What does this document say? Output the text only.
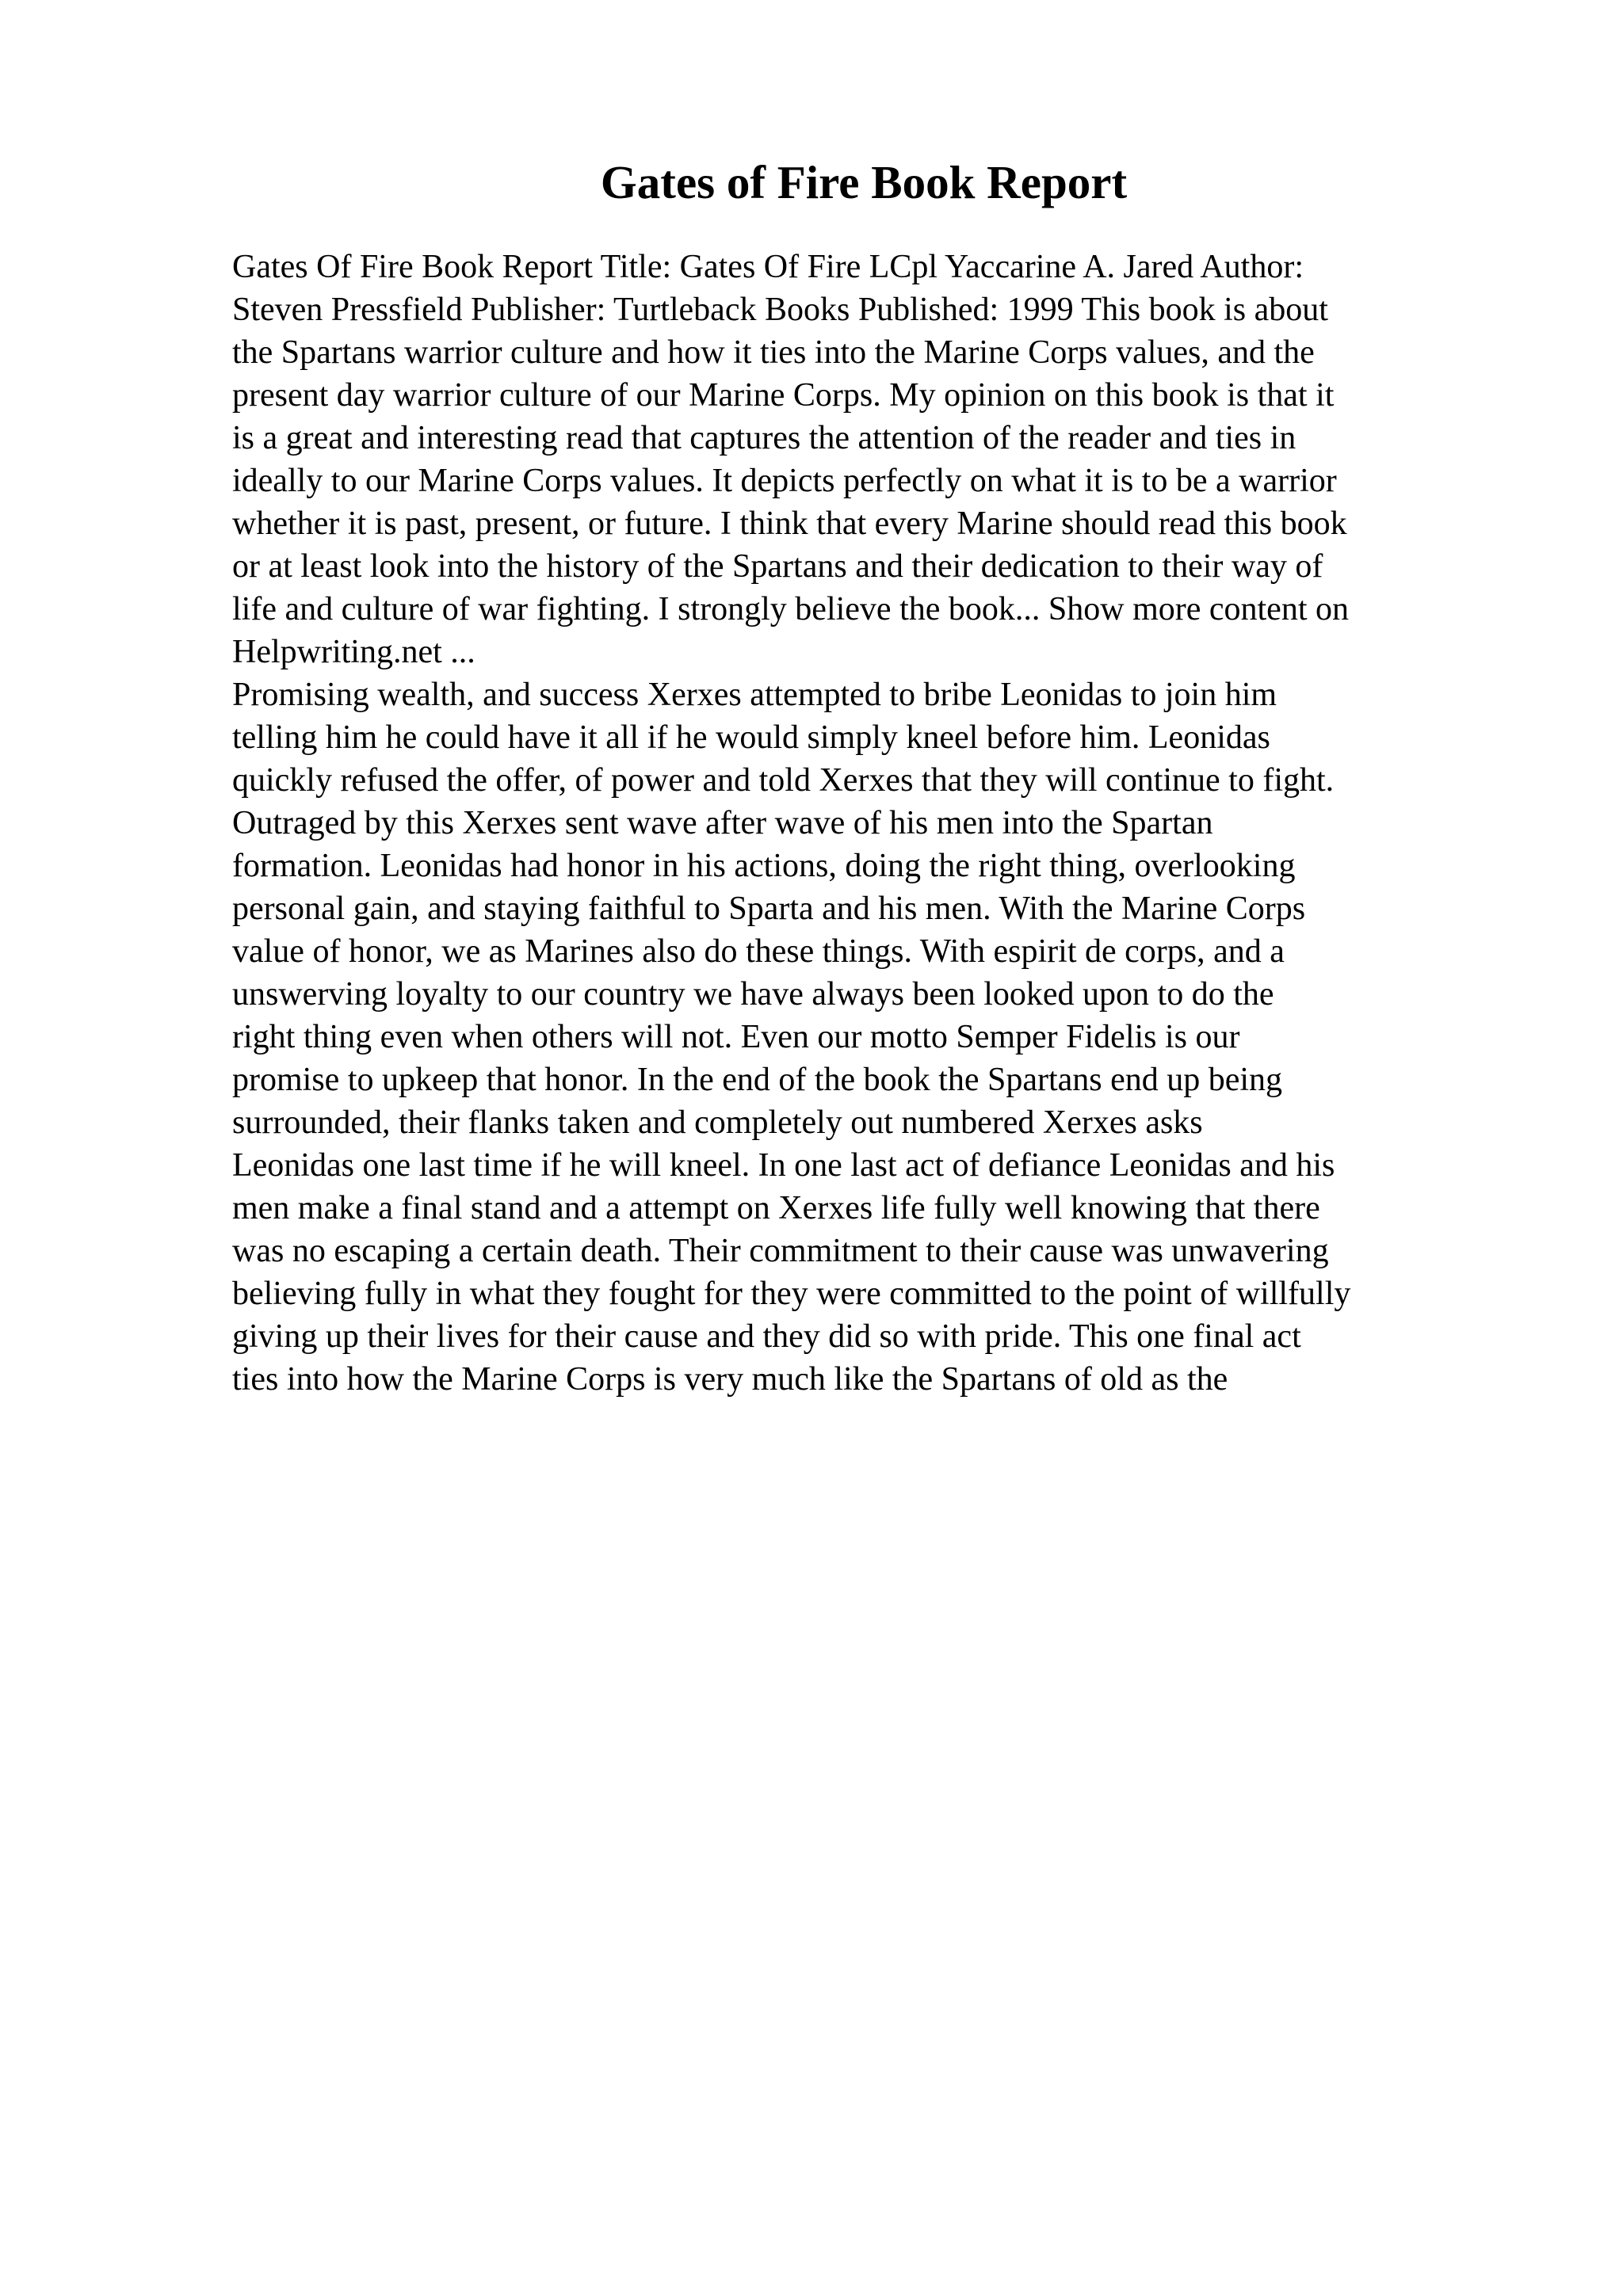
Gates of Fire Book Report
Gates Of Fire Book Report Title: Gates Of Fire LCpl Yaccarine A. Jared Author:
Steven Pressfield Publisher: Turtleback Books Published: 1999 This book is about
the Spartans warrior culture and how it ties into the Marine Corps values, and the
present day warrior culture of our Marine Corps. My opinion on this book is that it
is a great and interesting read that captures the attention of the reader and ties in
ideally to our Marine Corps values. It depicts perfectly on what it is to be a warrior
whether it is past, present, or future. I think that every Marine should read this book
or at least look into the history of the Spartans and their dedication to their way of
life and culture of war fighting. I strongly believe the book... Show more content on
Helpwriting.net ...
Promising wealth, and success Xerxes attempted to bribe Leonidas to join him
telling him he could have it all if he would simply kneel before him. Leonidas
quickly refused the offer, of power and told Xerxes that they will continue to fight.
Outraged by this Xerxes sent wave after wave of his men into the Spartan
formation. Leonidas had honor in his actions, doing the right thing, overlooking
personal gain, and staying faithful to Sparta and his men. With the Marine Corps
value of honor, we as Marines also do these things. With espirit de corps, and a
unswerving loyalty to our country we have always been looked upon to do the
right thing even when others will not. Even our motto Semper Fidelis is our
promise to upkeep that honor. In the end of the book the Spartans end up being
surrounded, their flanks taken and completely out numbered Xerxes asks
Leonidas one last time if he will kneel. In one last act of defiance Leonidas and his
men make a final stand and a attempt on Xerxes life fully well knowing that there
was no escaping a certain death. Their commitment to their cause was unwavering
believing fully in what they fought for they were committed to the point of willfully
giving up their lives for their cause and they did so with pride. This one final act
ties into how the Marine Corps is very much like the Spartans of old as the
